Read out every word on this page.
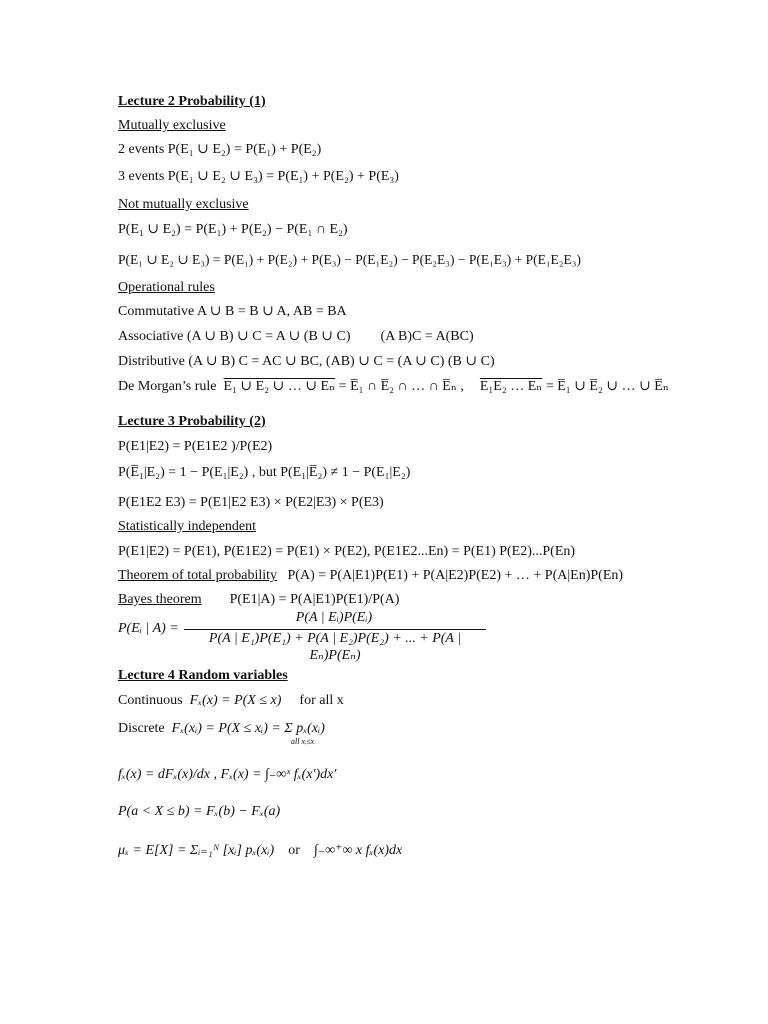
Lecture 2 Probability (1)
Mutually exclusive
2 events P(E₁ ∪ E₂) = P(E₁) + P(E₂)
3 events P(E₁ ∪ E₂ ∪ E₃) = P(E₁) + P(E₂) + P(E₃)
Not mutually exclusive
P(E₁ ∪ E₂) = P(E₁) + P(E₂) − P(E₁ ∩ E₂)
P(E₁ ∪ E₂ ∪ E₃) = P(E₁) + P(E₂) + P(E₃) − P(E₁E₂) − P(E₂E₃) − P(E₁E₃) + P(E₁E₂E₃)
Operational rules
Commutative A ∪ B = B ∪ A, AB = BA
Associative (A ∪ B) ∪ C = A ∪ (B ∪ C) (A B)C = A(BC)
Distributive (A ∪ B) C = AC ∪ BC, (AB) ∪ C = (A ∪ C) (B ∪ C)
De Morgan’s rule E₁ ∪ E₂ ∪ … ∪ Eₙ = E̅₁ ∩ E̅₂ ∩ … ∩ E̅ₙ , E₁E₂ … Eₙ = E̅₁ ∪ E̅₂ ∪ … ∪ E̅ₙ
Lecture 3 Probability (2)
P(E1|E2) = P(E1E2 )/P(E2)
P(E̅₁|E₂) = 1 − P(E₁|E₂) , but P(E₁|E̅₂) ≠ 1 − P(E₁|E₂)
P(E1E2 E3) = P(E1|E2 E3) × P(E2|E3) × P(E3)
Statistically independent
P(E1|E2) = P(E1), P(E1E2) = P(E1) × P(E2), P(E1E2...En) = P(E1) P(E2)...P(En)
Theorem of total probability P(A) = P(A|E1)P(E1) + P(A|E2)P(E2) + … + P(A|En)P(En)
Bayes theorem P(E1|A) = P(A|E1)P(E1)/P(A)
P(Eᵢ | A) =
P(A | Eᵢ)P(Eᵢ)
P(A | E₁)P(E₁) + P(A | E₂)P(E₂) + ... + P(A | Eₙ)P(Eₙ)
Lecture 4 Random variables
Continuous Fₓ(x) = P(X ≤ x) for all x
Discrete Fₓ(xᵢ) = P(X ≤ xᵢ) = Σ pₓ(xᵢ)
all xᵢ≤x
fₓ(x) = dFₓ(x)/dx , Fₓ(x) = ∫₋∞ˣ fₓ(x′)dx′
P(a < X ≤ b) = Fₓ(b) − Fₓ(a)
μₓ = E[X] = Σᵢ₌₁ᴺ [xᵢ] pₓ(xᵢ) or ∫₋∞⁺∞ x fₓ(x)dx
